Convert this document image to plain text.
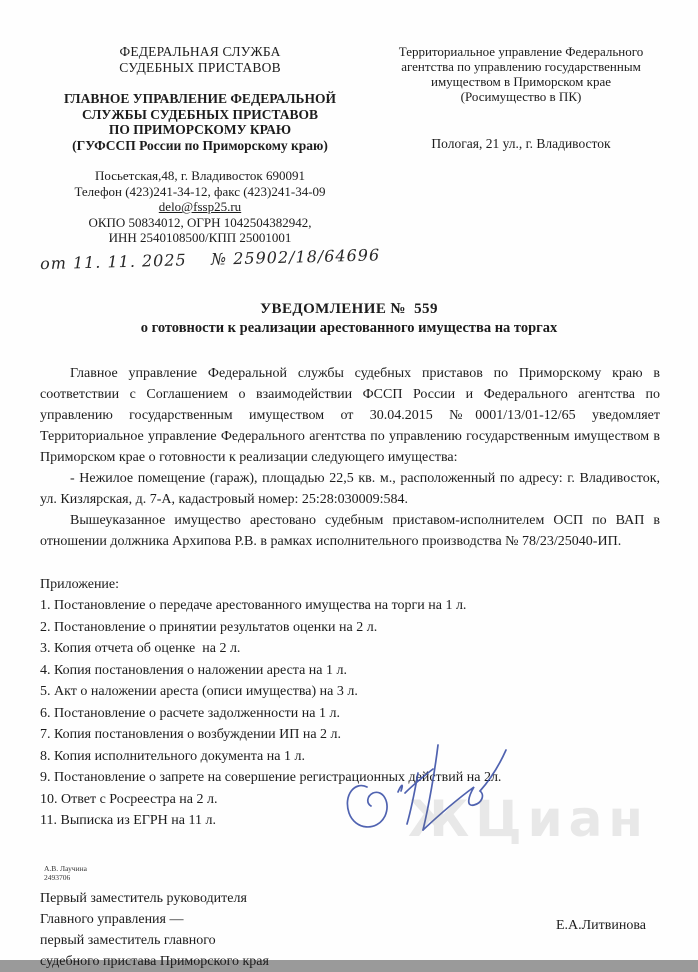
ФЕДЕРАЛЬНАЯ СЛУЖБА
СУДЕБНЫХ ПРИСТАВОВ
ГЛАВНОЕ УПРАВЛЕНИЕ ФЕДЕРАЛЬНОЙ
СЛУЖБЫ СУДЕБНЫХ ПРИСТАВОВ
ПО ПРИМОРСКОМУ КРАЮ
(ГУФССП России по Приморскому краю)
Посьетская,48, г. Владивосток 690091
Телефон (423)241-34-12, факс (423)241-34-09
delo@fssp25.ru
ОКПО 50834012, ОГРН 1042504382942,
ИНН 2540108500/КПП 25001001
от 11. 11. 2025    № 25902/18/64696
Территориальное управление Федерального
агентства по управлению государственным
имуществом в Приморском крае
(Росимущество в ПК)
Пологая, 21 ул., г. Владивосток
УВЕДОМЛЕНИЕ №  559
о готовности к реализации арестованного имущества на торгах

Главное управление Федеральной службы судебных приставов по Приморскому краю в соответствии с Соглашением о взаимодействии ФССП России и Федерального агентства по управлению государственным имуществом от 30.04.2015 №0001/13/01-12/65 уведомляет Территориальное управление Федерального агентства по управлению государственным имуществом в Приморском крае о готовности к реализации следующего имущества:

- Нежилое помещение (гараж), площадью 22,5 кв. м., расположенный по адресу: г. Владивосток, ул. Кизлярская, д. 7-А, кадастровый номер: 25:28:030009:584.

Вышеуказанное имущество арестовано судебным приставом-исполнителем ОСП по ВАП в отношении должника Архипова Р.В. в рамках исполнительного производства № 78/23/25040-ИП.

Приложение:
1. Постановление о передаче арестованного имущества на торги на 1 л.
2. Постановление о принятии результатов оценки на 2 л.
3. Копия отчета об оценке  на 2 л.
4. Копия постановления о наложении ареста на 1 л.
5. Акт о наложении ареста (описи имущества) на 3 л.
6. Постановление о расчете задолженности на 1 л.
7. Копия постановления о возбуждении ИП на 2 л.
8. Копия исполнительного документа на 1 л.
9. Постановление о запрете на совершение регистрационных действий на 2л.
10. Ответ с Росреестра на 2 л.
11. Выписка из ЕГРН на 11 л.
Первый заместитель руководителя
Главного управления —
первый заместитель главного
судебного пристава Приморского края
Е.А.Литвинова
ЖЦиан
А.В. Лаучина
2493706
